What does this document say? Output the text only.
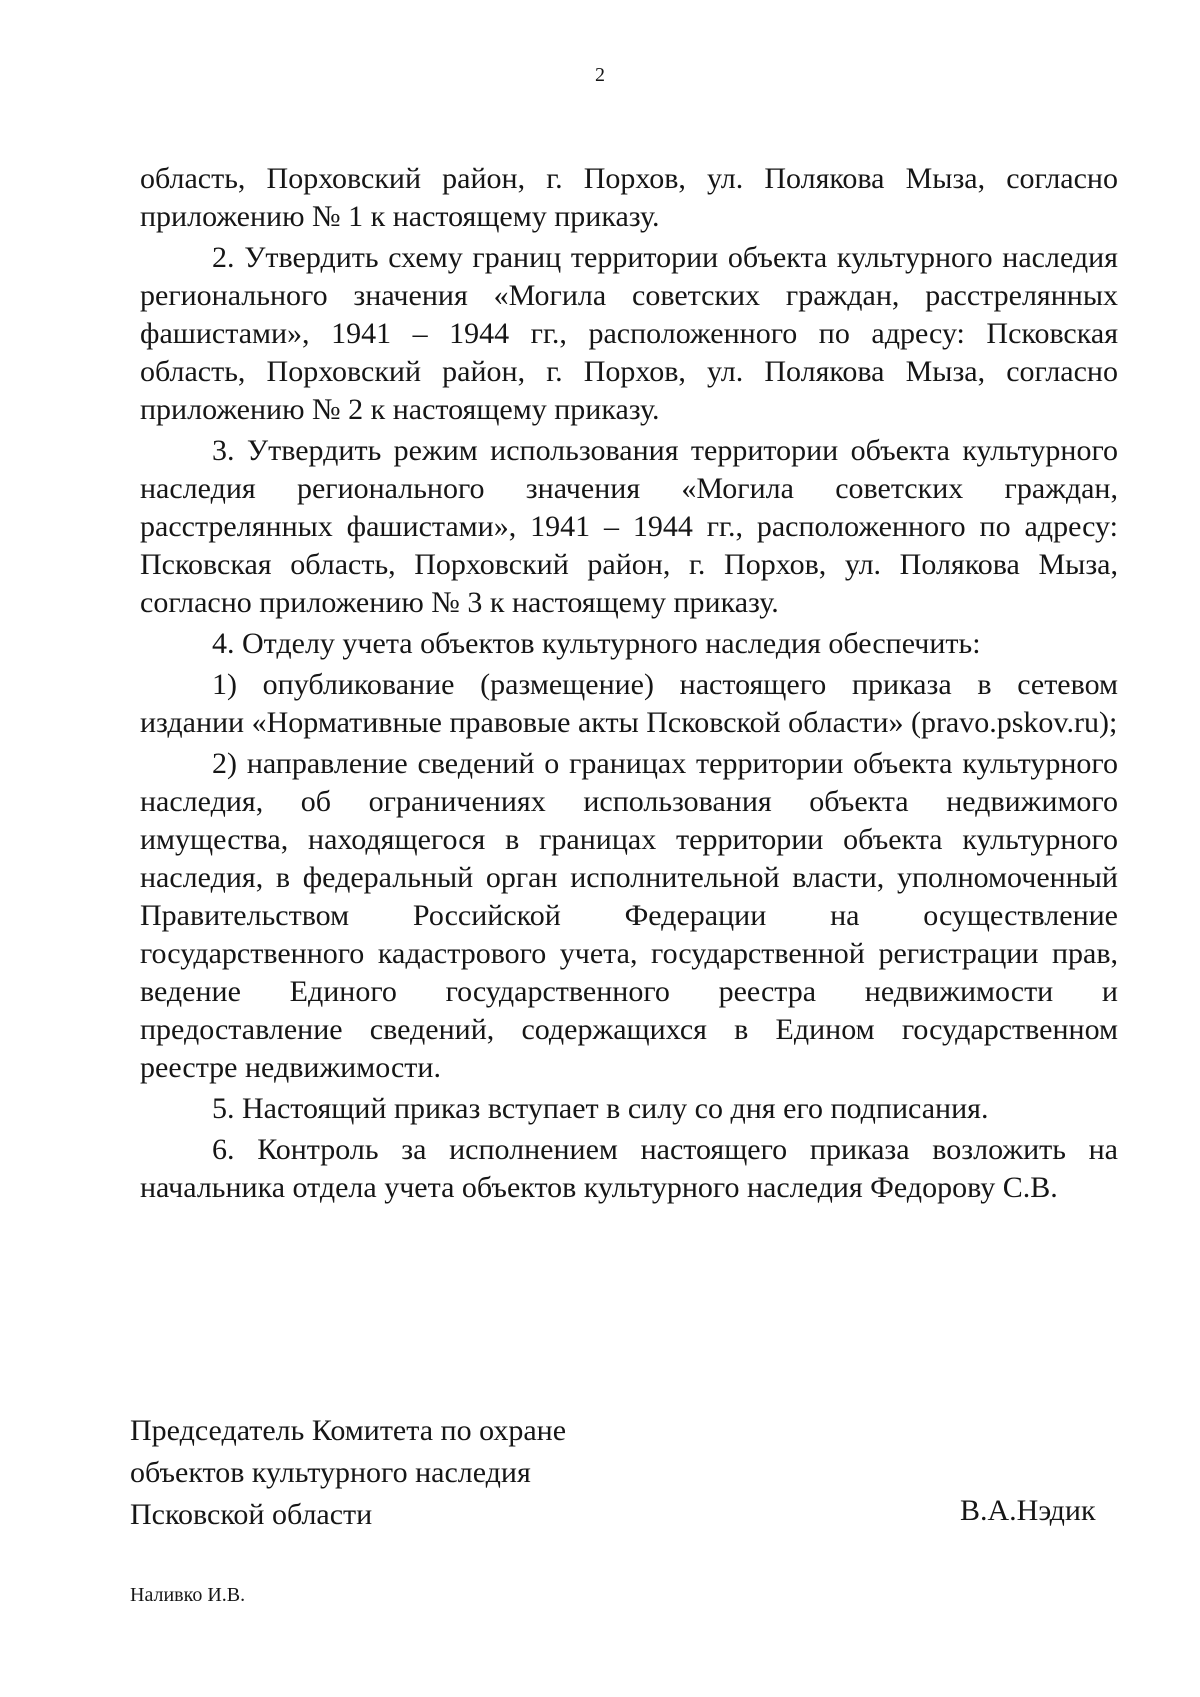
2

область, Порховский район, г. Порхов, ул. Полякова Мыза, согласно приложению № 1 к настоящему приказу.

2. Утвердить схему границ территории объекта культурного наследия регионального значения «Могила советских граждан, расстрелянных фашистами», 1941 – 1944 гг., расположенного по адресу: Псковская область, Порховский район, г. Порхов, ул. Полякова Мыза, согласно приложению № 2 к настоящему приказу.

3. Утвердить режим использования территории объекта культурного наследия регионального значения «Могила советских граждан, расстрелянных фашистами», 1941 – 1944 гг., расположенного по адресу: Псковская область, Порховский район, г. Порхов, ул. Полякова Мыза, согласно приложению № 3 к настоящему приказу.

4. Отделу учета объектов культурного наследия обеспечить:

1) опубликование (размещение) настоящего приказа в сетевом издании «Нормативные правовые акты Псковской области» (pravo.pskov.ru);

2) направление сведений о границах территории объекта культурного наследия, об ограничениях использования объекта недвижимого имущества, находящегося в границах территории объекта культурного наследия, в федеральный орган исполнительной власти, уполномоченный Правительством Российской Федерации на осуществление государственного кадастрового учета, государственной регистрации прав, ведение Единого государственного реестра недвижимости и предоставление сведений, содержащихся в Едином государственном реестре недвижимости.

5. Настоящий приказ вступает в силу со дня его подписания.

6. Контроль за исполнением настоящего приказа возложить на начальника отдела учета объектов культурного наследия Федорову С.В.

Председатель Комитета по охране
объектов культурного наследия
Псковской области	В.А.Нэдик
Наливко И.В.
